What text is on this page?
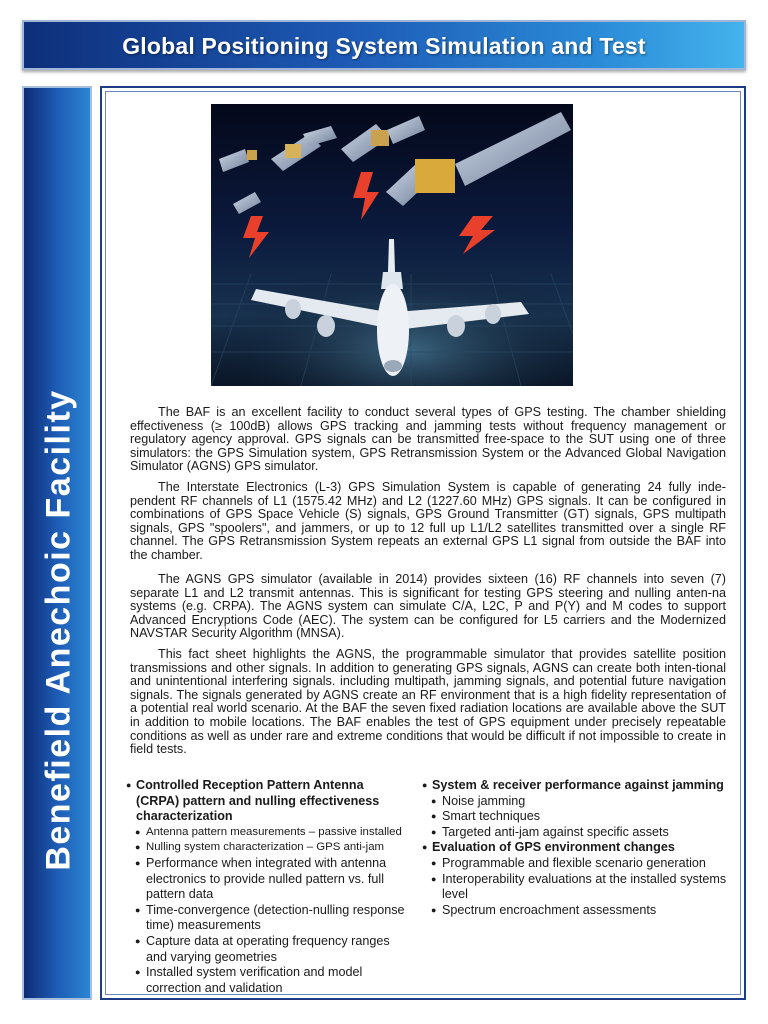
Global Positioning System Simulation and Test
Benefield Anechoic Facility	The BAF is an excellent facility to conduct several types of GPS testing. The chamber shielding effectiveness (≥ 100dB) allows GPS tracking and jamming tests without frequency management or regulatory agency approval. GPS signals can be transmitted free-space to the SUT using one of three simulators: the GPS Simulation system, GPS Retransmission System or the Advanced Global Navigation Simulator (AGNS) GPS simulator.

The Interstate Electronics (L-3) GPS Simulation System is capable of generating 24 fully inde-pendent RF channels of L1 (1575.42 MHz) and L2 (1227.60 MHz) GPS signals. It can be configured in combinations of GPS Space Vehicle (S) signals, GPS Ground Transmitter (GT) signals, GPS multipath signals, GPS "spoolers", and jammers, or up to 12 full up L1/L2 satellites transmitted over a single RF channel. The GPS Retransmission System repeats an external GPS L1 signal from outside the BAF into the chamber.

The AGNS GPS simulator (available in 2014) provides sixteen (16) RF channels into seven (7) separate L1 and L2 transmit antennas. This is significant for testing GPS steering and nulling anten-na systems (e.g. CRPA). The AGNS system can simulate C/A, L2C, P and P(Y) and M codes to support Advanced Encryptions Code (AEC). The system can be configured for L5 carriers and the Modernized NAVSTAR Security Algorithm (MNSA).

This fact sheet highlights the AGNS, the programmable simulator that provides satellite position transmissions and other signals. In addition to generating GPS signals, AGNS can create both inten-tional and unintentional interfering signals. including multipath, jamming signals, and potential future navigation signals. The signals generated by AGNS create an RF environment that is a high fidelity representation of a potential real world scenario. At the BAF the seven fixed radiation locations are available above the SUT in addition to mobile locations. The BAF enables the test of GPS equipment under precisely repeatable conditions as well as under rare and extreme conditions that would be difficult if not impossible to create in field tests.

● Controlled Reception Pattern Antenna (CRPA) pattern and nulling effectiveness characterization
● Antenna pattern measurements – passive installed
● Nulling system characterization – GPS anti-jam
● Performance when integrated with antenna electronics to provide nulled pattern vs. full pattern data
● Time-convergence (detection-nulling response time) measurements
● Capture data at operating frequency ranges and varying geometries
● Installed system verification and model correction and validation
● System & receiver performance against jamming
● Noise jamming
● Smart techniques
● Targeted anti-jam against specific assets
● Evaluation of GPS environment changes
● Programmable and flexible scenario generation
● Interoperability evaluations at the installed systems level
● Spectrum encroachment assessments
